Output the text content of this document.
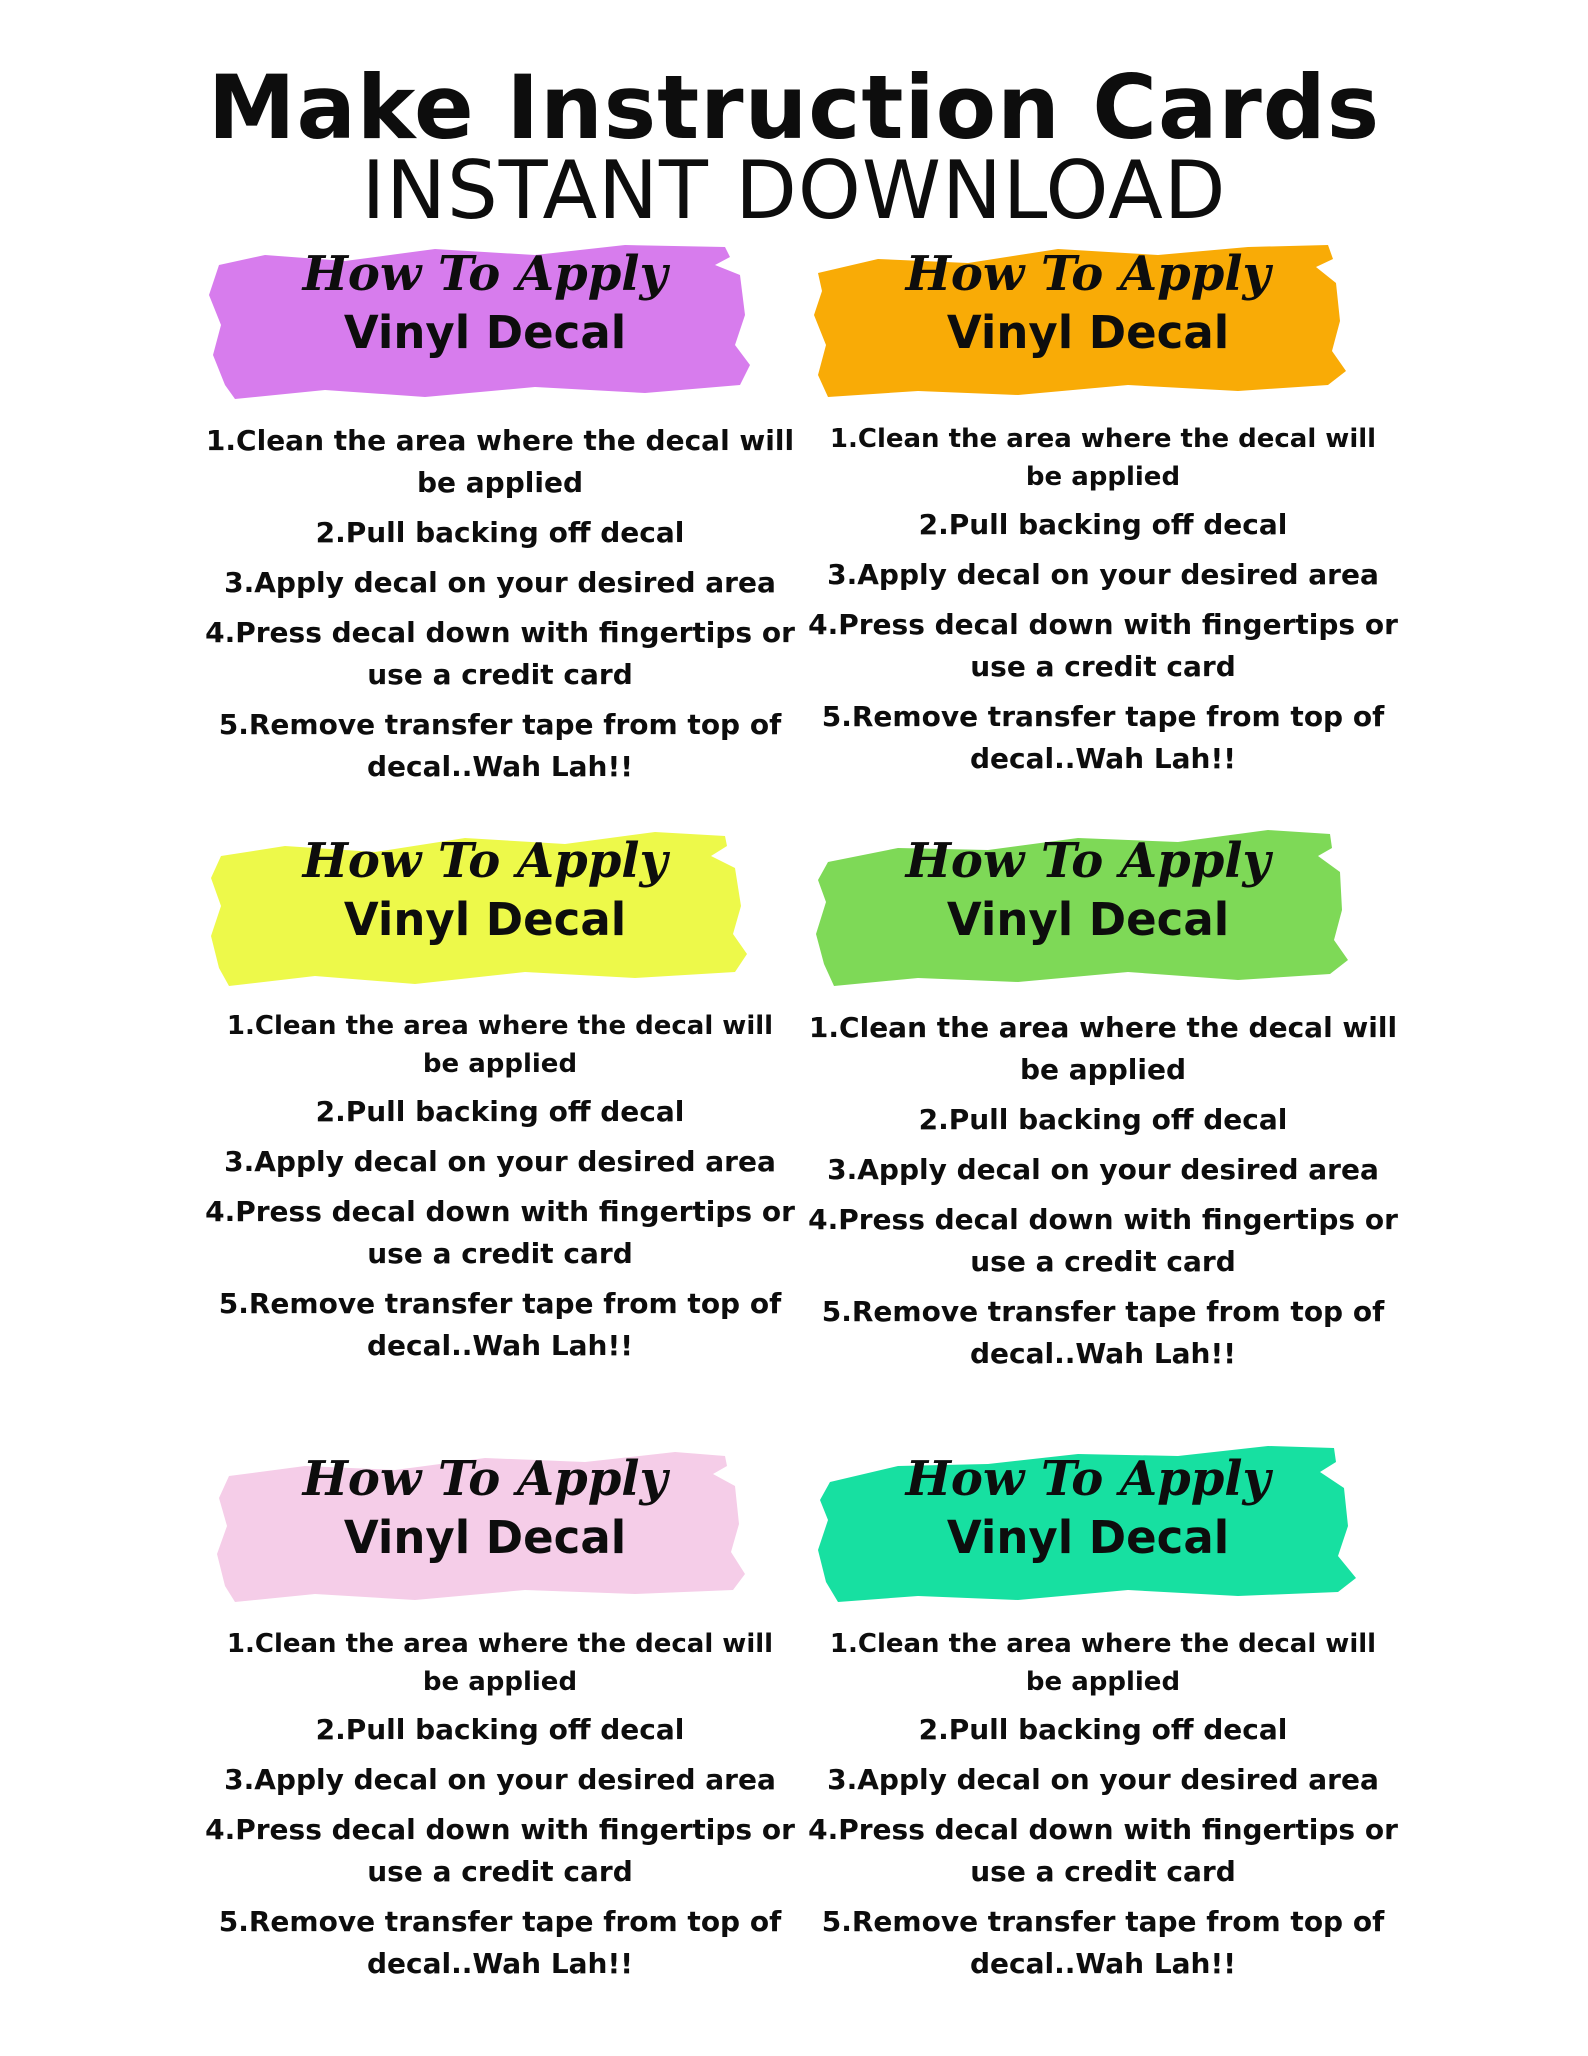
Make Instruction Cards
INSTANT DOWNLOAD
How To Apply
Vinyl Decal
1.Clean the area where the decal will be applied
2.Pull backing off decal
3.Apply decal on your desired area
4.Press decal down with fingertips or use a credit card
5.Remove transfer tape from top of decal..Wah Lah!!
How To Apply
Vinyl Decal
1.Clean the area where the decal will be applied
2.Pull backing off decal
3.Apply decal on your desired area
4.Press decal down with fingertips or use a credit card
5.Remove transfer tape from top of decal..Wah Lah!!
How To Apply
Vinyl Decal
1.Clean the area where the decal will be applied
2.Pull backing off decal
3.Apply decal on your desired area
4.Press decal down with fingertips or use a credit card
5.Remove transfer tape from top of decal..Wah Lah!!
How To Apply
Vinyl Decal
1.Clean the area where the decal will be applied
2.Pull backing off decal
3.Apply decal on your desired area
4.Press decal down with fingertips or use a credit card
5.Remove transfer tape from top of decal..Wah Lah!!
How To Apply
Vinyl Decal
1.Clean the area where the decal will be applied
2.Pull backing off decal
3.Apply decal on your desired area
4.Press decal down with fingertips or use a credit card
5.Remove transfer tape from top of decal..Wah Lah!!
How To Apply
Vinyl Decal
1.Clean the area where the decal will be applied
2.Pull backing off decal
3.Apply decal on your desired area
4.Press decal down with fingertips or use a credit card
5.Remove transfer tape from top of decal..Wah Lah!!
